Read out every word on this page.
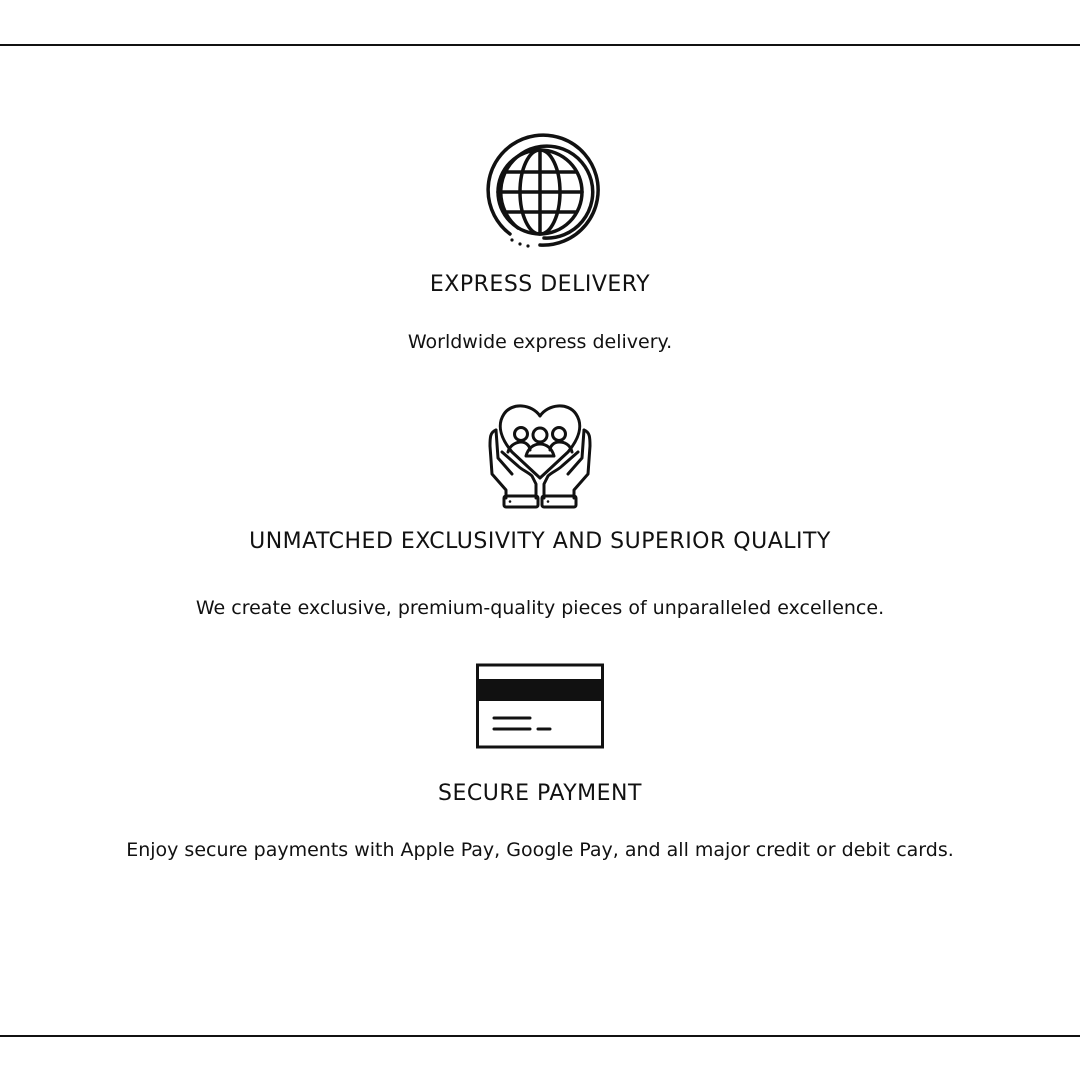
EXPRESS DELIVERY

Worldwide express delivery.

UNMATCHED EXCLUSIVITY AND SUPERIOR QUALITY

We create exclusive, premium-quality pieces of unparalleled excellence.

SECURE PAYMENT

Enjoy secure payments with Apple Pay, Google Pay, and all major credit or debit cards.
